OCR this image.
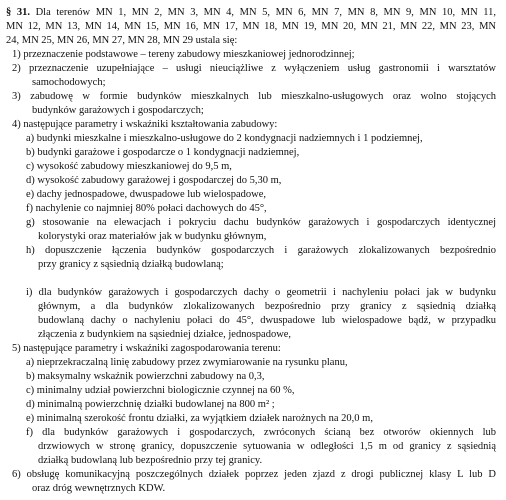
§ 31. Dla terenów MN 1, MN 2, MN 3, MN 4, MN 5, MN 6, MN 7, MN 8, MN 9, MN 10, MN 11,
MN 12, MN 13, MN 14, MN 15, MN 16, MN 17, MN 18, MN 19, MN 20, MN 21, MN 22, MN 23, MN
24, MN 25, MN 26, MN 27, MN 28, MN 29 ustala się:
1) przeznaczenie podstawowe – tereny zabudowy mieszkaniowej jednorodzinnej;
2) przeznaczenie uzupełniające – usługi nieuciążliwe z wyłączeniem usług gastronomii i warsztatów
samochodowych;
3) zabudowę w formie budynków mieszkalnych lub mieszkalno-usługowych oraz wolno stojących
budynków garażowych i gospodarczych;
4) następujące parametry i wskaźniki kształtowania zabudowy:
a) budynki mieszkalne i mieszkalno-usługowe do 2 kondygnacji nadziemnych i 1 podziemnej,
b) budynki garażowe i gospodarcze o 1 kondygnacji nadziemnej,
c) wysokość zabudowy mieszkaniowej do 9,5 m,
d) wysokość zabudowy garażowej i gospodarczej do 5,30 m,
e) dachy jednospadowe, dwuspadowe lub wielospadowe,
f) nachylenie co najmniej 80% połaci dachowych do 45°,
g) stosowanie na elewacjach i pokryciu dachu budynków garażowych i gospodarczych identycznej
kolorystyki oraz materiałów jak w budynku głównym,
h) dopuszczenie łączenia budynków gospodarczych i garażowych zlokalizowanych bezpośrednio
przy granicy z sąsiednią działką budowlaną;
i) dla budynków garażowych i gospodarczych dachy o geometrii i nachyleniu połaci jak w budynku
głównym, a dla budynków zlokalizowanych bezpośrednio przy granicy z sąsiednią działką
budowlaną dachy o nachyleniu połaci do 45°, dwuspadowe lub wielospadowe bądź, w przypadku
złączenia z budynkiem na sąsiedniej działce, jednospadowe,
5) następujące parametry i wskaźniki zagospodarowania terenu:
a) nieprzekraczalną linię zabudowy przez zwymiarowanie na rysunku planu,
b) maksymalny wskaźnik powierzchni zabudowy na 0,3,
c) minimalny udział powierzchni biologicznie czynnej na 60 %,
d) minimalną powierzchnię działki budowlanej na 800 m² ;
e) minimalną szerokość frontu działki, za wyjątkiem działek narożnych na 20,0 m,
f) dla budynków garażowych i gospodarczych, zwróconych ścianą bez otworów okiennych lub
drzwiowych w stronę granicy, dopuszczenie sytuowania w odległości 1,5 m od granicy z sąsiednią
działką budowlaną lub bezpośrednio przy tej granicy.
6) obsługę komunikacyjną poszczególnych działek poprzez jeden zjazd z drogi publicznej klasy L lub D
oraz dróg wewnętrznych KDW.
